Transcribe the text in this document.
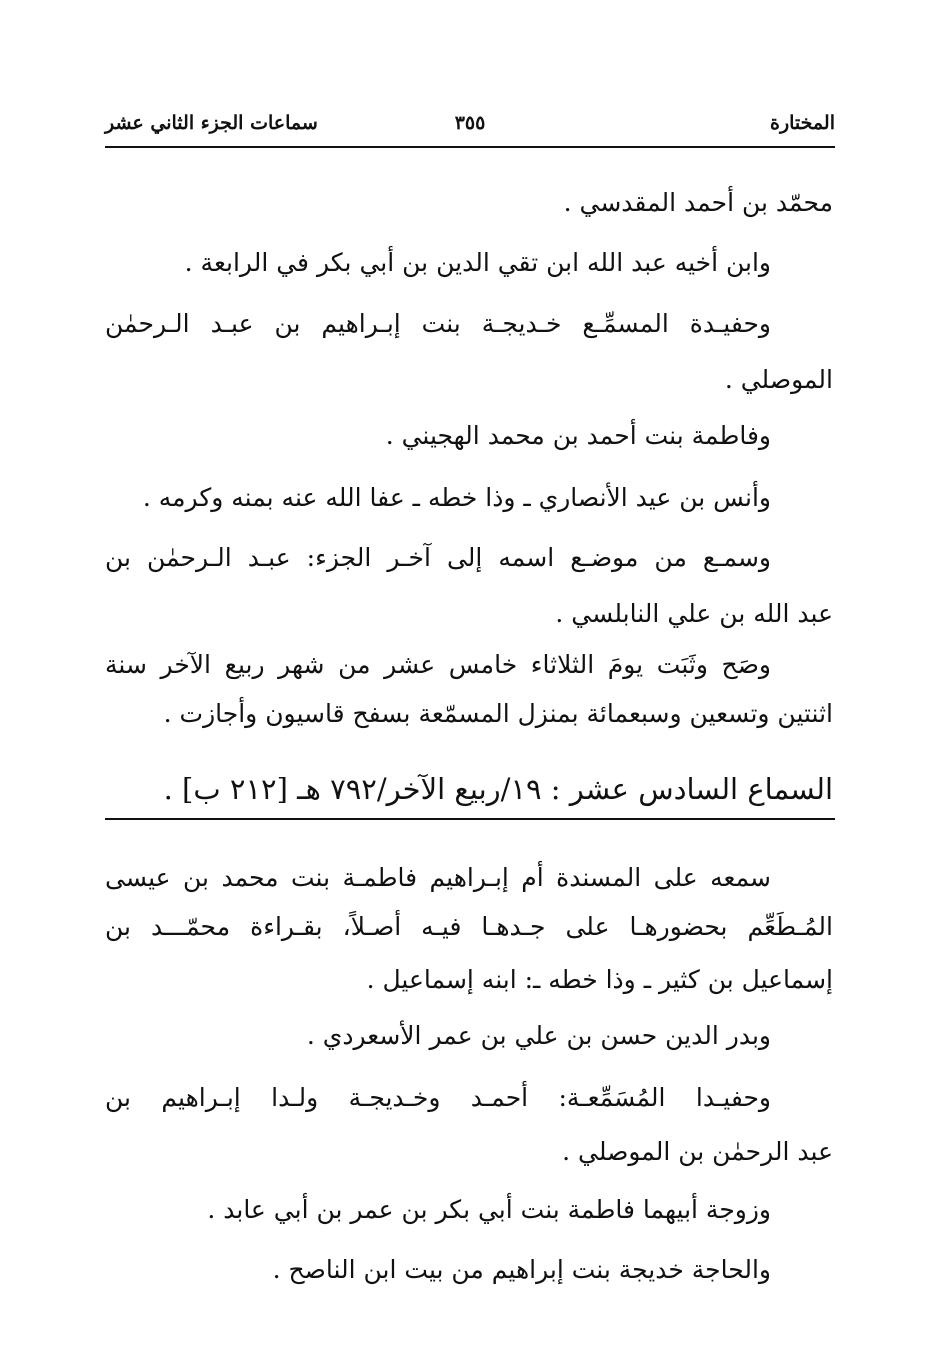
المختارة
٣٥٥
سماعات الجزء الثاني عشر
محمّد بن أحمد المقدسي .
وابن أخيه عبد الله ابن تقي الدين بن أبي بكر في الرابعة .
وحفيـدة المسمِّـع خـديجـة بنت إبـراهيم بن عبـد الـرحمٰن
الموصلي .
وفاطمة بنت أحمد بن محمد الهجيني .
وأنس بن عيد الأنصاري ـ وذا خطه ـ عفا الله عنه بمنه وكرمه .
وسمـع من موضـع اسمه إلى آخـر الجزء: عبـد الـرحمٰن بن
عبد الله بن علي النابلسي .
وصَح وثَبَت يومَ الثلاثاء خامس عشر من شهر ربيع الآخر سنة
اثنتين وتسعين وسبعمائة بمنزل المسمّعة بسفح قاسيون وأجازت .
السماع السادس عشر : ١٩/ربيع الآخر/٧٩٢ هـ [٢١٢ ب] .
سمعه على المسندة أم إبـراهيم فاطمـة بنت محمد بن عيسى
المُـطَعِّم بحضورهـا على جـدهـا فيـه أصـلاً، بقـراءة محمّـــد بن
إسماعيل بن كثير ـ وذا خطه ـ: ابنه إسماعيل .
وبدر الدين حسن بن علي بن عمر الأسعردي .
وحفيـدا المُسَمِّعـة: أحمـد وخـديجـة ولـدا إبـراهيم بن
عبد الرحمٰن بن الموصلي .
وزوجة أبيهما فاطمة بنت أبي بكر بن عمر بن أبي عابد .
والحاجة خديجة بنت إبراهيم من بيت ابن الناصح .
